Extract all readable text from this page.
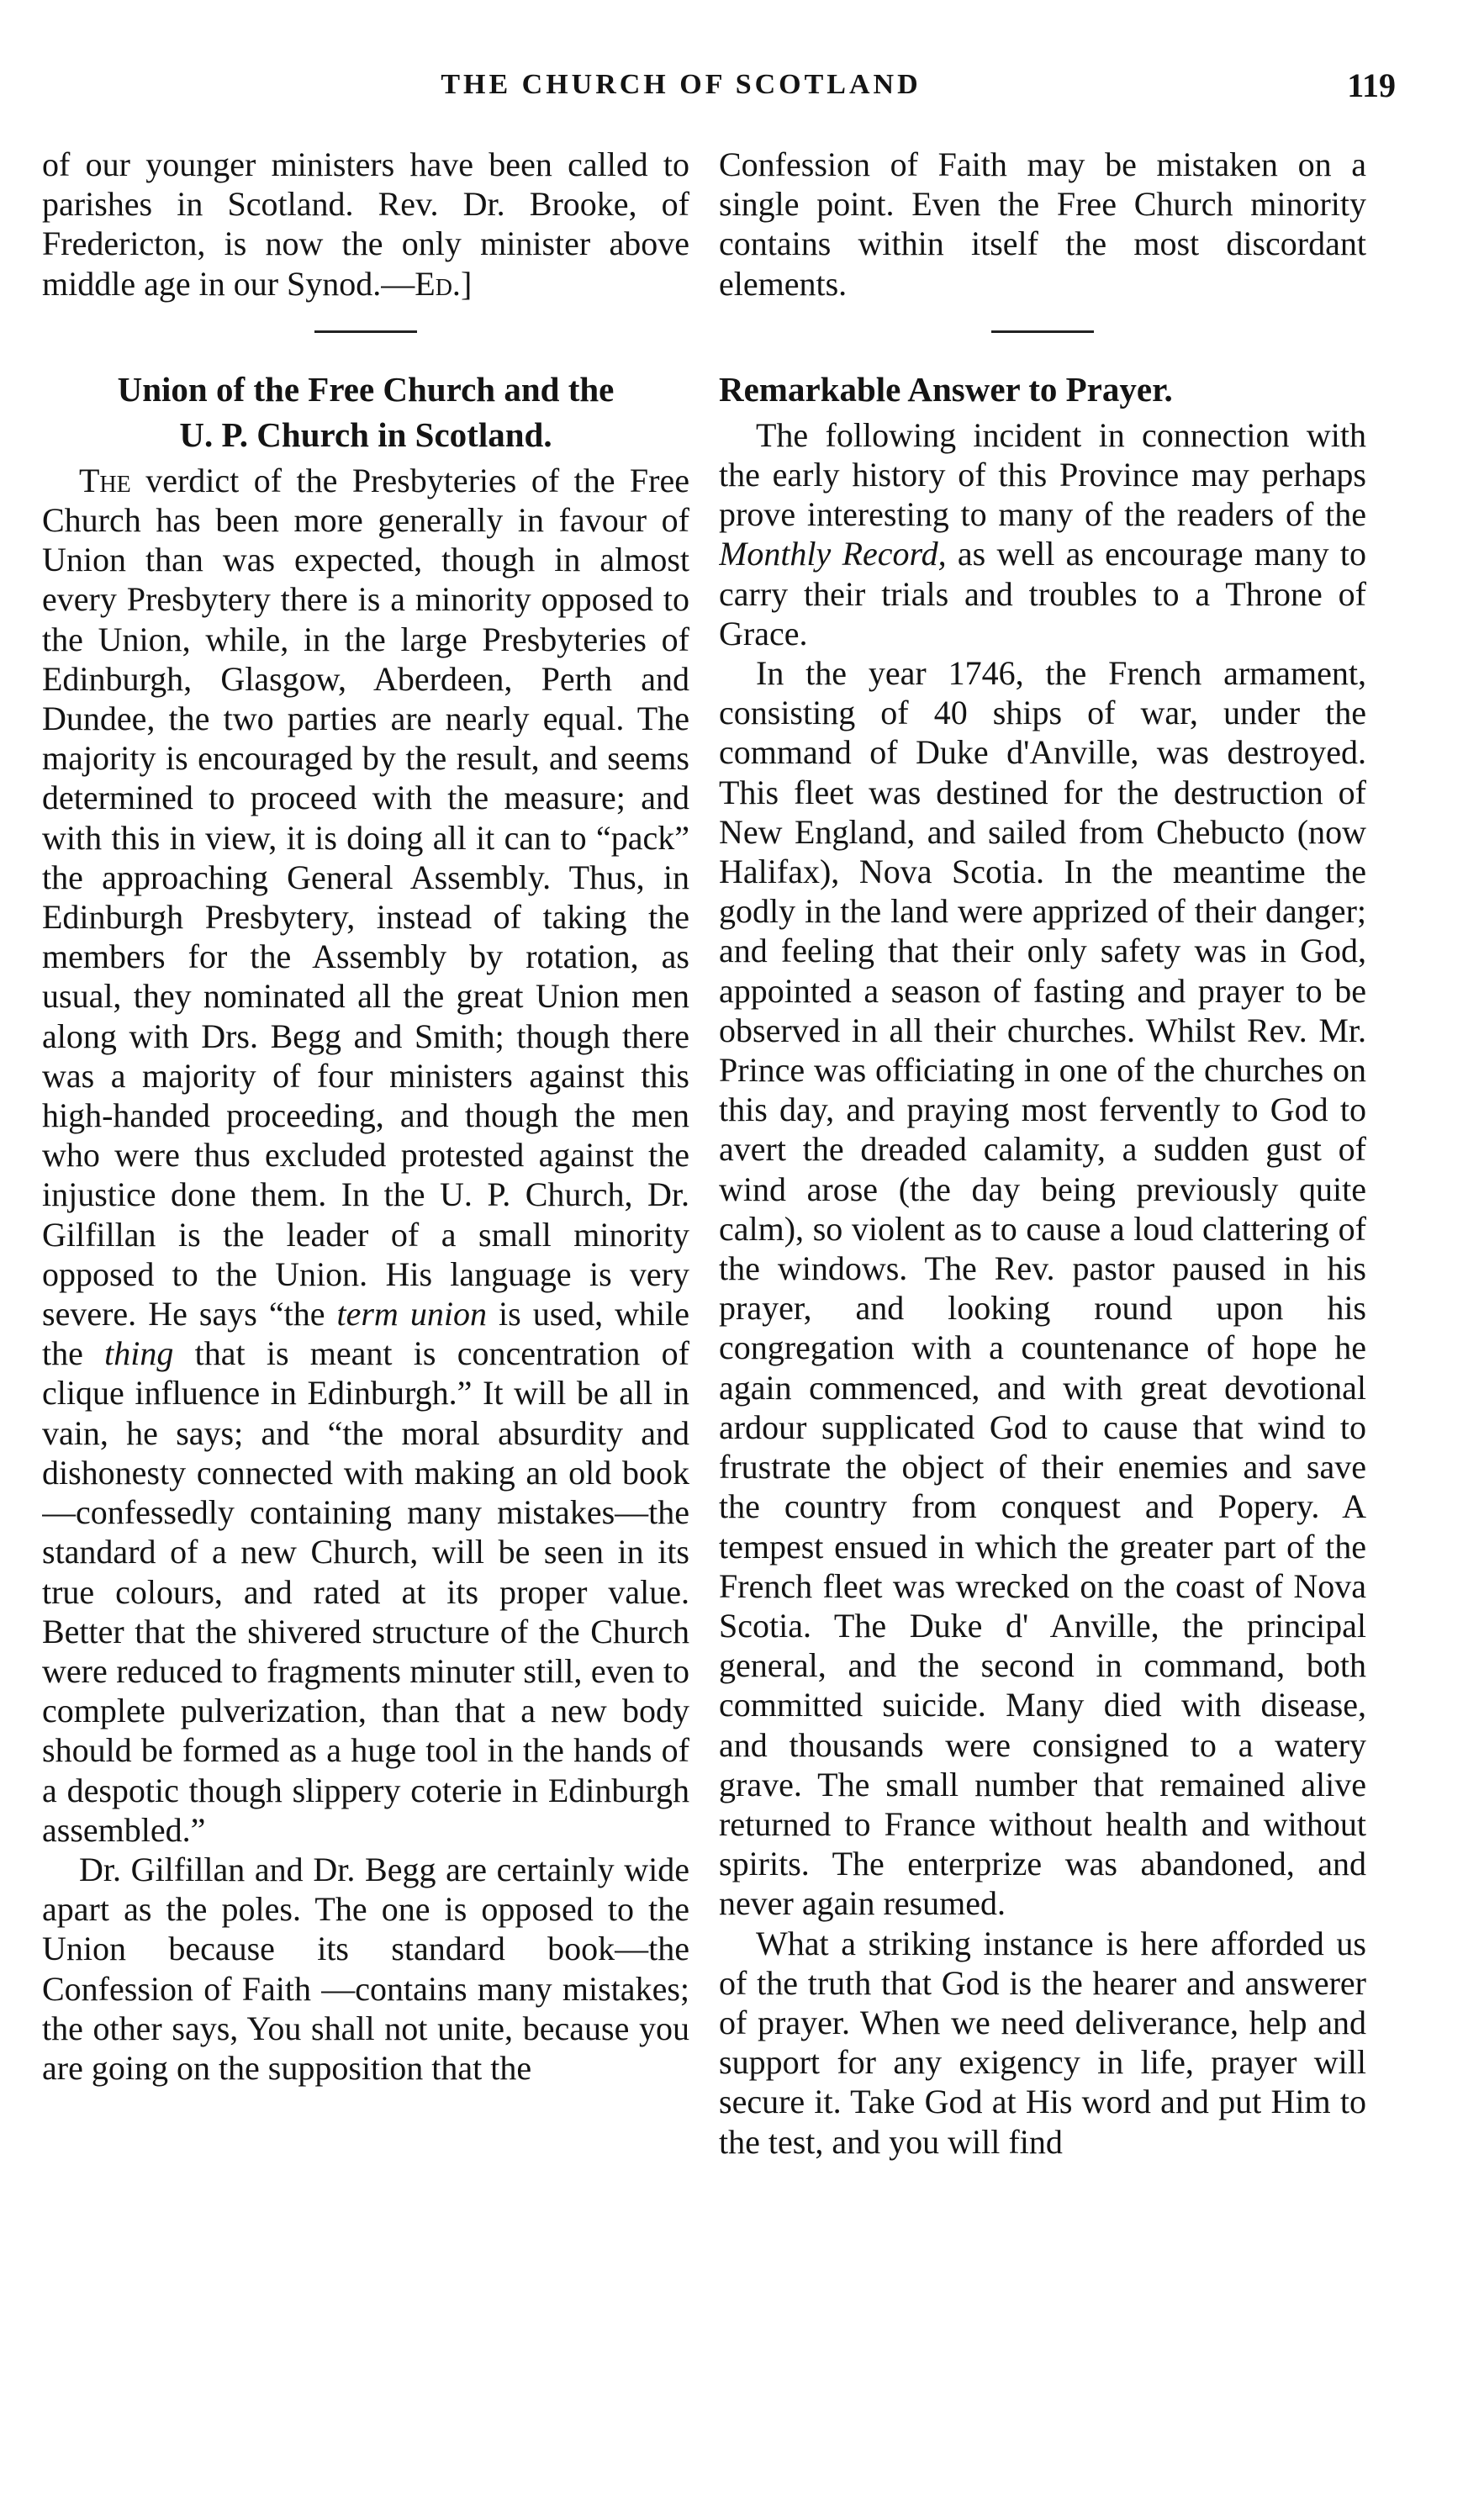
THE CHURCH OF SCOTLAND	119

of our younger ministers have been called to parishes in Scotland. Rev. Dr. Brooke, of Fredericton, is now the only minister above middle age in our Synod.—Ed.]

Union of the Free Church and the
U. P. Church in Scotland.

The verdict of the Presbyteries of the Free Church has been more generally in favour of Union than was expected, though in almost every Presbytery there is a minority opposed to the Union, while, in the large Presbyteries of Edinburgh, Glasgow, Aberdeen, Perth and Dundee, the two parties are nearly equal. The majority is encouraged by the result, and seems determined to proceed with the measure; and with this in view, it is doing all it can to “pack” the approaching General Assembly. Thus, in Edinburgh Presbytery, instead of taking the members for the Assembly by rotation, as usual, they nominated all the great Union men along with Drs. Begg and Smith; though there was a majority of four ministers against this high-handed proceeding, and though the men who were thus excluded protested against the injustice done them. In the U. P. Church, Dr. Gilfillan is the leader of a small minority opposed to the Union. His language is very severe. He says “the term union is used, while the thing that is meant is concentration of clique influence in Edinburgh.” It will be all in vain, he says; and “the moral absurdity and dishonesty connected with making an old book—confessedly containing many mistakes—the standard of a new Church, will be seen in its true colours, and rated at its proper value. Better that the shivered structure of the Church were reduced to fragments minuter still, even to complete pulverization, than that a new body should be formed as a huge tool in the hands of a despotic though slippery coterie in Edinburgh assembled.”

Dr. Gilfillan and Dr. Begg are certainly wide apart as the poles. The one is opposed to the Union because its standard book—the Confession of Faith —contains many mistakes; the other says, You shall not unite, because you are going on the supposition that the

Confession of Faith may be mistaken on a single point. Even the Free Church minority contains within itself the most discordant elements.

Remarkable Answer to Prayer.

The following incident in connection with the early history of this Province may perhaps prove interesting to many of the readers of the Monthly Record, as well as encourage many to carry their trials and troubles to a Throne of Grace.

In the year 1746, the French armament, consisting of 40 ships of war, under the command of Duke d'Anville, was destroyed. This fleet was destined for the destruction of New England, and sailed from Chebucto (now Halifax), Nova Scotia. In the meantime the godly in the land were apprized of their danger; and feeling that their only safety was in God, appointed a season of fasting and prayer to be observed in all their churches. Whilst Rev. Mr. Prince was officiating in one of the churches on this day, and praying most fervently to God to avert the dreaded calamity, a sudden gust of wind arose (the day being previously quite calm), so violent as to cause a loud clattering of the windows. The Rev. pastor paused in his prayer, and looking round upon his congregation with a countenance of hope he again commenced, and with great devotional ardour supplicated God to cause that wind to frustrate the object of their enemies and save the country from conquest and Popery. A tempest ensued in which the greater part of the French fleet was wrecked on the coast of Nova Scotia. The Duke d' Anville, the principal general, and the second in command, both committed suicide. Many died with disease, and thousands were consigned to a watery grave. The small number that remained alive returned to France without health and without spirits. The enterprize was abandoned, and never again resumed.

What a striking instance is here afforded us of the truth that God is the hearer and answerer of prayer. When we need deliverance, help and support for any exigency in life, prayer will secure it. Take God at His word and put Him to the test, and you will find
